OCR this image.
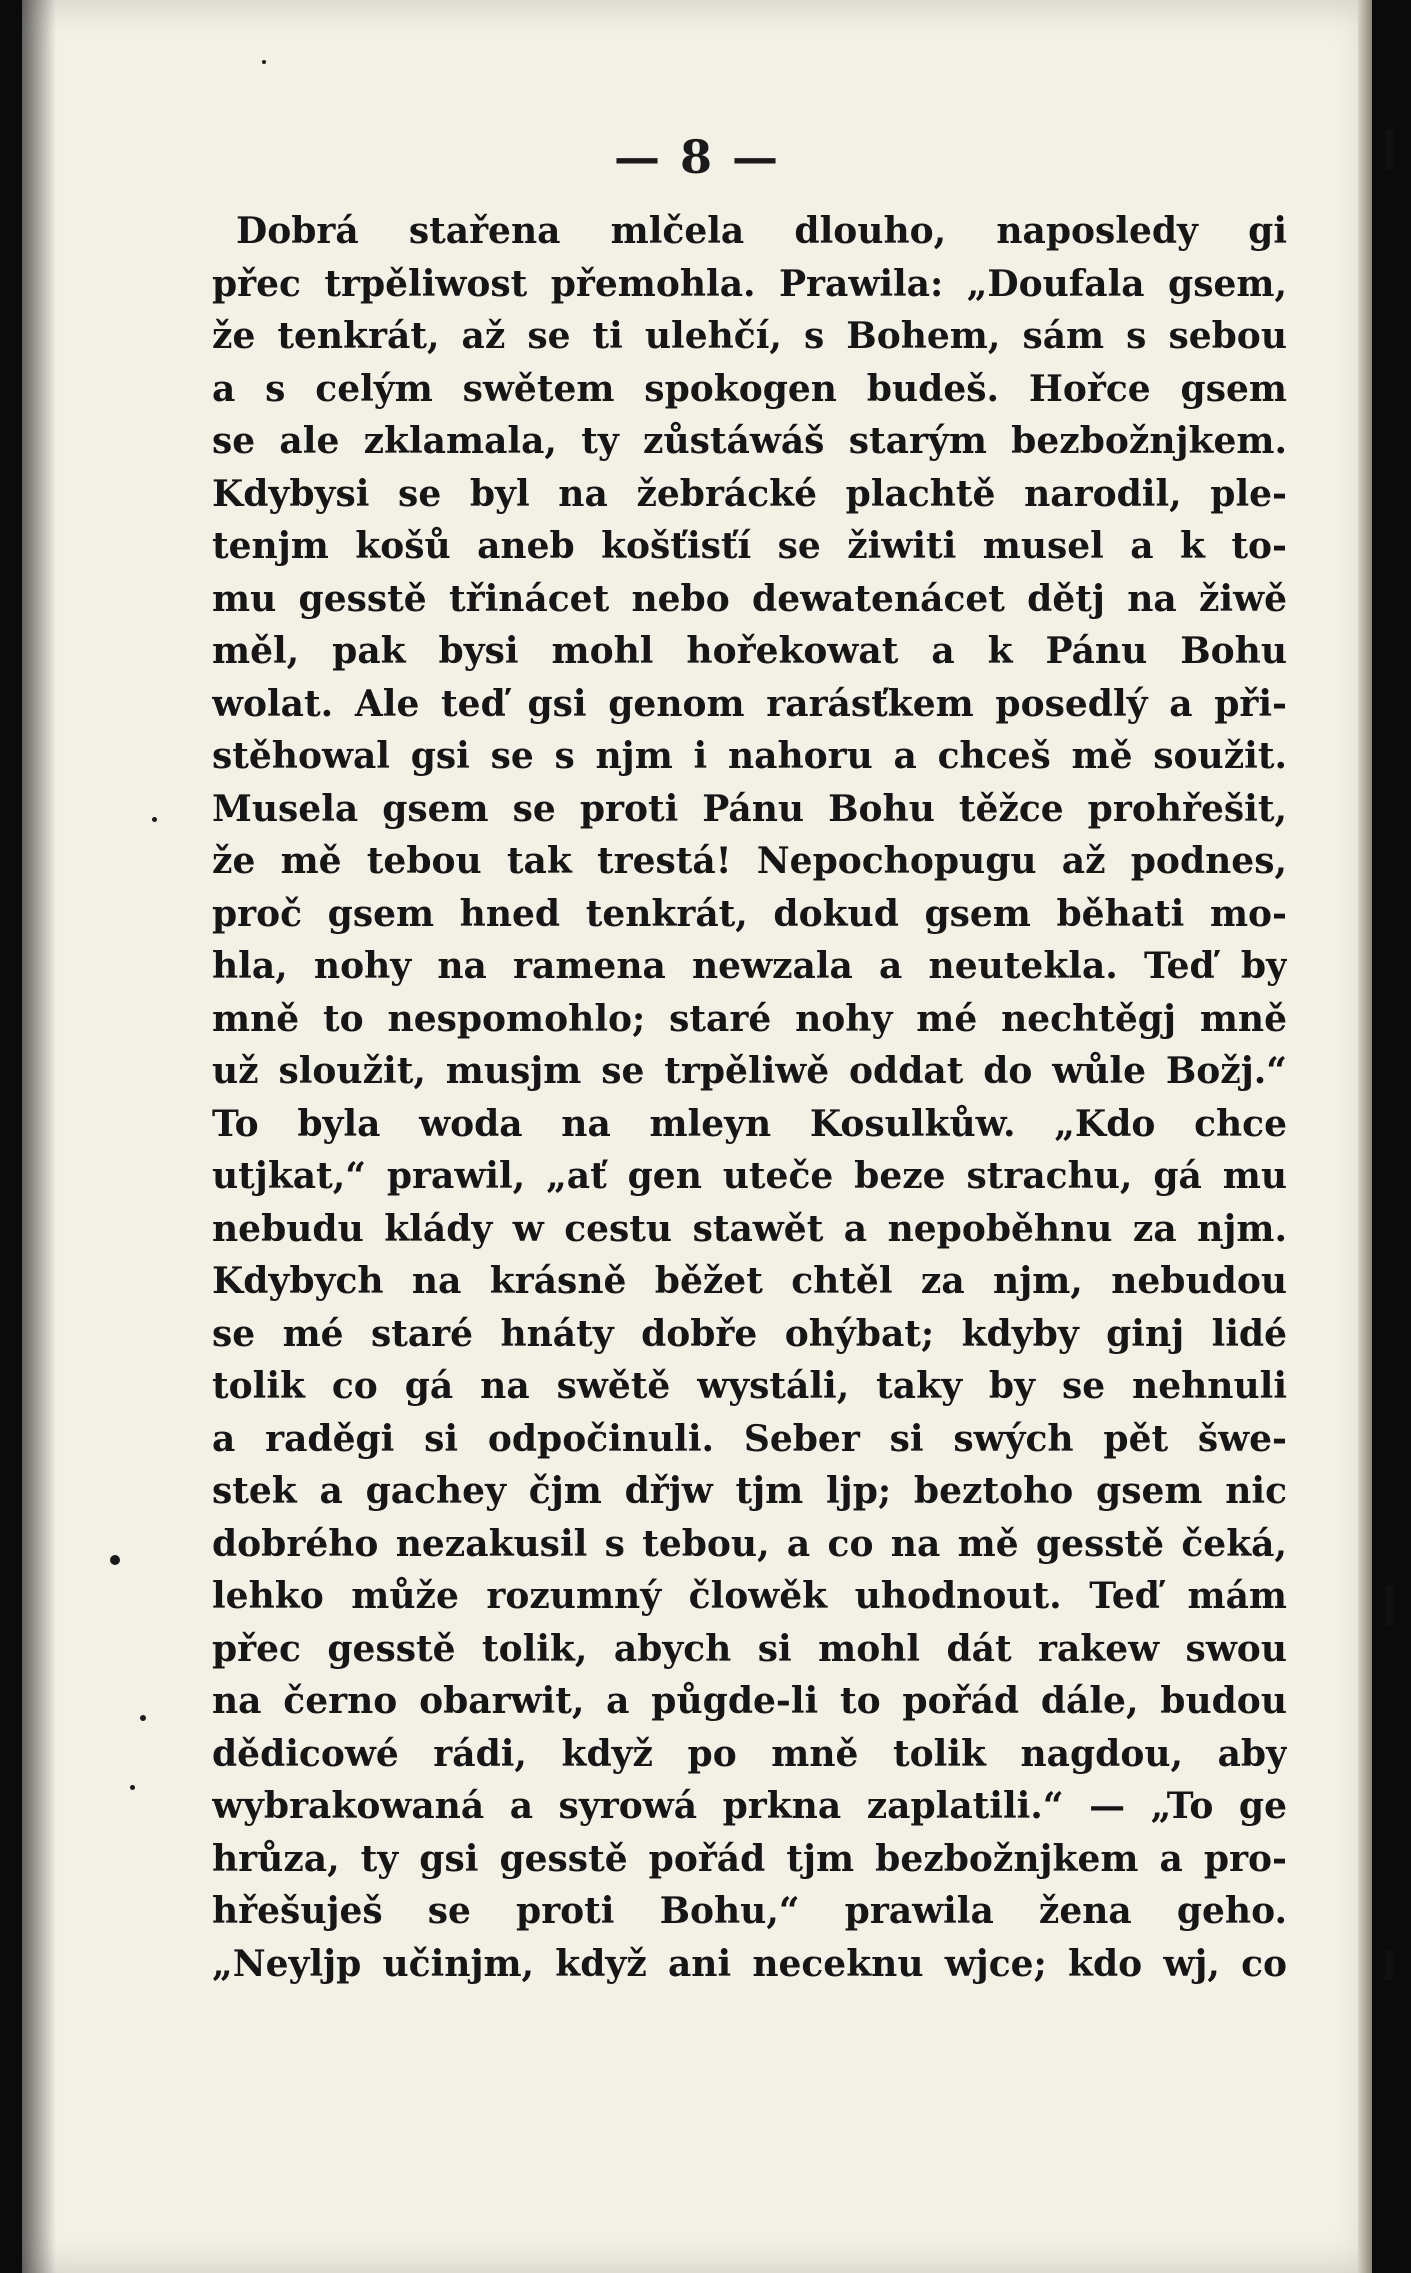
— 8 —
Dobrá stařena mlčela dlouho, naposledy gi
přec trpěliwost přemohla. Prawila: „Doufala gsem,
že tenkrát, až se ti ulehčí, s Bohem, sám s sebou
a s celým swětem spokogen budeš. Hořce gsem
se ale zklamala, ty zůstáwáš starým bezbožnjkem.
Kdybysi se byl na žebrácké plachtě narodil, ple-
tenjm košů aneb košťisťí se žiwiti musel a k to-
mu gesstě třinácet nebo dewatenácet dětj na žiwě
měl, pak bysi mohl hořekowat a k Pánu Bohu
wolat. Ale teď gsi genom rarásťkem posedlý a při-
stěhowal gsi se s njm i nahoru a chceš mě soužit.
Musela gsem se proti Pánu Bohu těžce prohřešit,
že mě tebou tak trestá! Nepochopugu až podnes,
proč gsem hned tenkrát, dokud gsem běhati mo-
hla, nohy na ramena newzala a neutekla. Teď by
mně to nespomohlo; staré nohy mé nechtěgj mně
už sloužit, musjm se trpěliwě oddat do wůle Božj.“
To byla woda na mleyn Kosulkůw. „Kdo chce
utjkat,“ prawil, „ať gen uteče beze strachu, gá mu
nebudu klády w cestu stawět a nepoběhnu za njm.
Kdybych na krásně běžet chtěl za njm, nebudou
se mé staré hnáty dobře ohýbat; kdyby ginj lidé
tolik co gá na swětě wystáli, taky by se nehnuli
a raděgi si odpočinuli. Seber si swých pět šwe-
stek a gachey čjm dřjw tjm ljp; beztoho gsem nic
dobrého nezakusil s tebou, a co na mě gesstě čeká,
lehko může rozumný člowěk uhodnout. Teď mám
přec gesstě tolik, abych si mohl dát rakew swou
na černo obarwit, a půgde-li to pořád dále, budou
dědicowé rádi, když po mně tolik nagdou, aby
wybrakowaná a syrowá prkna zaplatili.“ — „To ge
hrůza, ty gsi gesstě pořád tjm bezbožnjkem a pro-
hřešuješ se proti Bohu,“ prawila žena geho.
„Neyljp učinjm, když ani neceknu wjce; kdo wj, co
